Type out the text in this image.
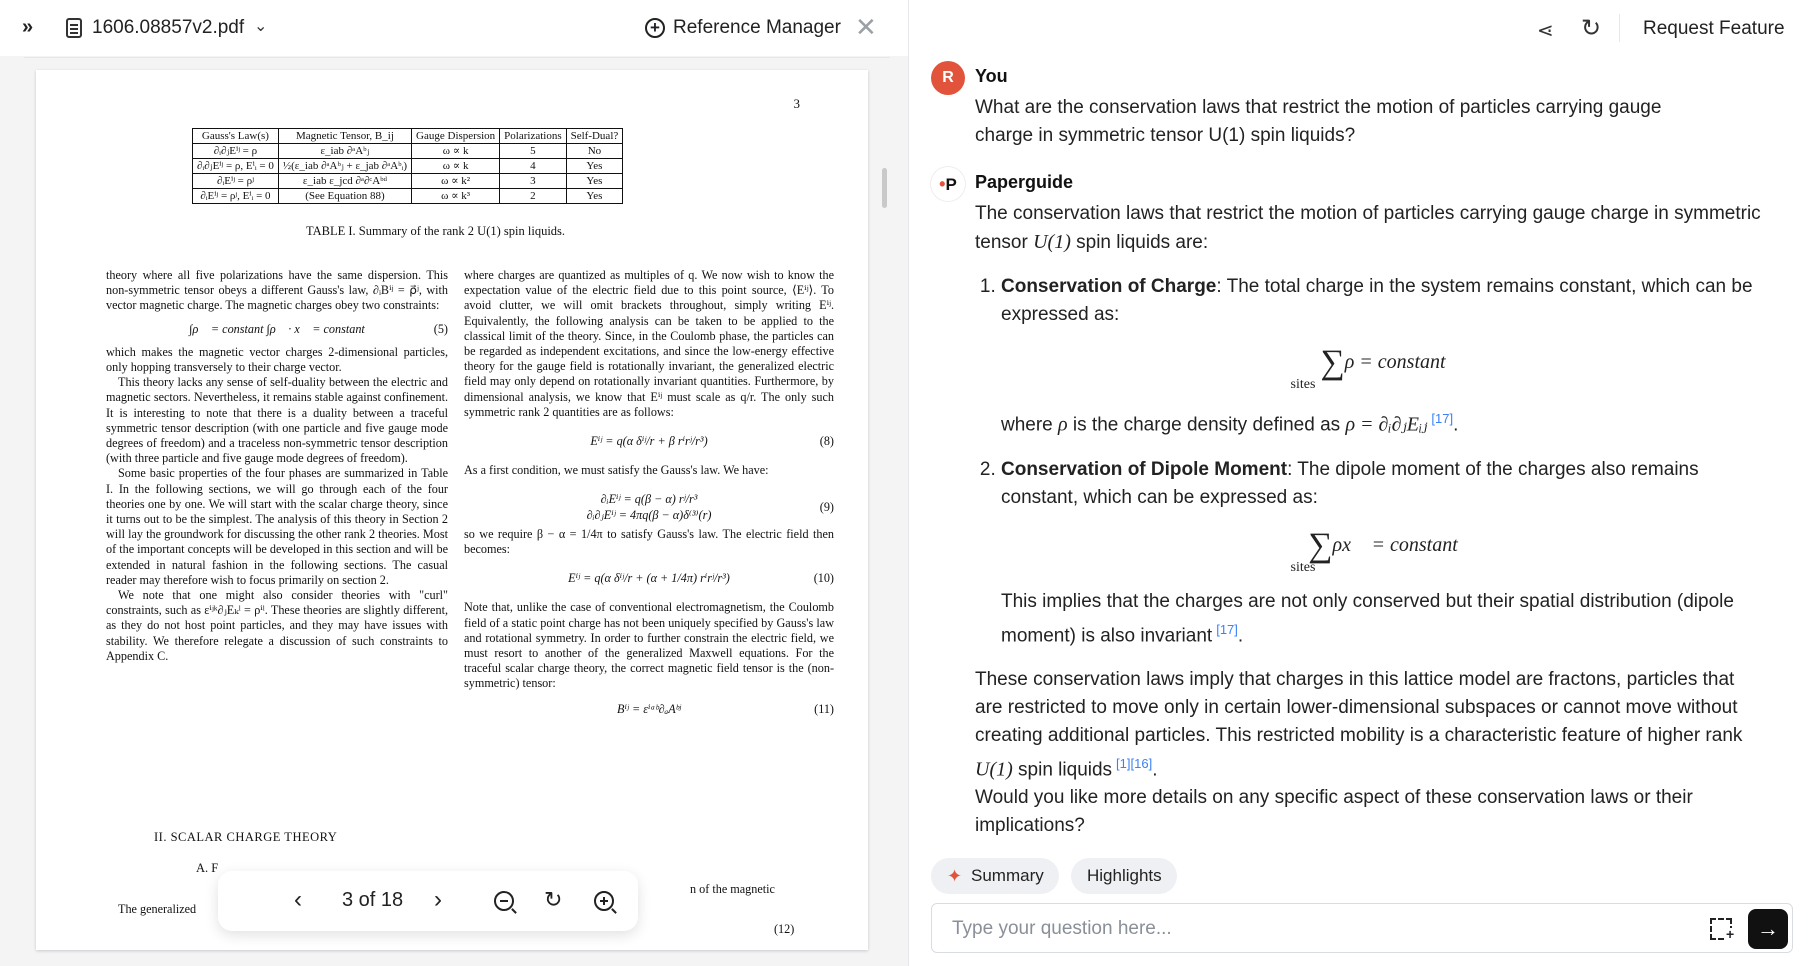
»	1606.08857v2.pdf ⌄	+ Reference Manager ✕
3
Gauss's Law(s)	Magnetic Tensor, B_ij	Gauge Dispersion	Polarizations	Self-Dual?
∂ᵢ∂ⱼEⁱʲ = ρ	ε_iab ∂ᵃAᵇⱼ	ω ∝ k	5	No
∂ᵢ∂ⱼEⁱʲ = ρ, Eⁱᵢ = 0	½(ε_iab ∂ᵃAᵇⱼ + ε_jab ∂ᵃAᵇᵢ)	ω ∝ k	4	Yes
∂ᵢEⁱʲ = ρʲ	ε_iab ε_jcd ∂ᵃ∂ᶜAᵇᵈ	ω ∝ k²	3	Yes
∂ᵢEⁱʲ = ρʲ, Eⁱᵢ = 0	(See Equation 88)	ω ∝ k³	2	Yes
TABLE I. Summary of the rank 2 U(1) spin liquids.

theory where all five polarizations have the same dispersion. This non-symmetric tensor obeys a different Gauss's law, ∂ᵢBⁱʲ = ρ⃗ʲ, with vector magnetic charge. The magnetic charges obey two constraints:

∫ρ⃗ = constant ∫ρ⃗ · x⃗ = constant	(5)

which makes the magnetic vector charges 2-dimensional particles, only hopping transversely to their charge vector.

This theory lacks any sense of self-duality between the electric and magnetic sectors. Nevertheless, it remains stable against confinement. It is interesting to note that there is a duality between a traceful symmetric tensor description (with one particle and five gauge mode degrees of freedom) and a traceless non-symmetric tensor description (with three particle and five gauge mode degrees of freedom).

Some basic properties of the four phases are summarized in Table I. In the following sections, we will go through each of the four theories one by one. We will start with the scalar charge theory, since it turns out to be the simplest. The analysis of this theory in Section 2 will lay the groundwork for discussing the other rank 2 theories. Most of the important concepts will be developed in this section and will be extended in natural fashion in the following sections. The casual reader may therefore wish to focus primarily on section 2.

We note that one might also consider theories with "curl" constraints, such as εⁱʲᵏ∂ⱼEₖˡ = ρⁱˡ. These theories are slightly different, as they do not host point particles, and they may have issues with stability. We therefore relegate a discussion of such constraints to Appendix C.

where charges are quantized as multiples of q. We now wish to know the expectation value of the electric field due to this point source, ⟨Eⁱʲ⟩. To avoid clutter, we will omit brackets throughout, simply writing Eⁱʲ. Equivalently, the following analysis can be taken to be applied to the classical limit of the theory. Since, in the Coulomb phase, the particles can be regarded as independent excitations, and since the low-energy effective theory for the gauge field is rotationally invariant, the generalized electric field may only depend on rotationally invariant quantities. Furthermore, by dimensional analysis, we know that Eⁱʲ must scale as q/r. The only such symmetric rank 2 quantities are as follows:

Eⁱʲ = q(α δⁱʲ/r + β rⁱrʲ/r³)	(8)

As a first condition, we must satisfy the Gauss's law. We have:

∂ᵢEⁱʲ = q(β − α) rʲ/r³
∂ᵢ∂ⱼEⁱʲ = 4πq(β − α)δ⁽³⁾(r)
(9)

so we require β − α = 1/4π to satisfy Gauss's law. The electric field then becomes:

Eⁱʲ = q(α δⁱʲ/r + (α + 1/4π) rⁱrʲ/r³)	(10)

Note that, unlike the case of conventional electromagnetism, the Coulomb field of a static point charge has not been uniquely specified by Gauss's law and rotational symmetry. In order to further constrain the electric field, we must resort to another of the generalized Maxwell equations. For the traceful scalar charge theory, the correct magnetic field tensor is the (non-symmetric) tensor:

Bⁱʲ = εⁱᵃᵇ∂ₐAᵇʲ	(11)
II. SCALAR CHARGE THEORY
A. F
The generalized
n of the magnetic
(12)
‹ 3 of 18 ›	↻
⋖ ↻ Request Feature
R	You
What are the conservation laws that restrict the motion of particles carrying gauge charge in symmetric tensor U(1) spin liquids?
•P	Paperguide

The conservation laws that restrict the motion of particles carrying gauge charge in symmetric tensor U(1) spin liquids are:

1. Conservation of Charge: The total charge in the system remains constant, which can be expressed as:
∑ρ = constant
sites
where ρ is the charge density defined as ρ = ∂ᵢ∂ⱼEᵢⱼ [17].
2. Conservation of Dipole Moment: The dipole moment of the charges also remains constant, which can be expressed as:
∑ρx⃗ = constant
sites
This implies that the charges are not only conserved but their spatial distribution (dipole moment) is also invariant [17].

These conservation laws imply that charges in this lattice model are fractons, particles that are restricted to move only in certain lower-dimensional subspaces or cannot move without creating additional particles. This restricted mobility is a characteristic feature of higher rank U(1) spin liquids [1][16].

Would you like more details on any specific aspect of these conservation laws or their implications?

✦ Summary	Highlights
Type your question here... +	→
